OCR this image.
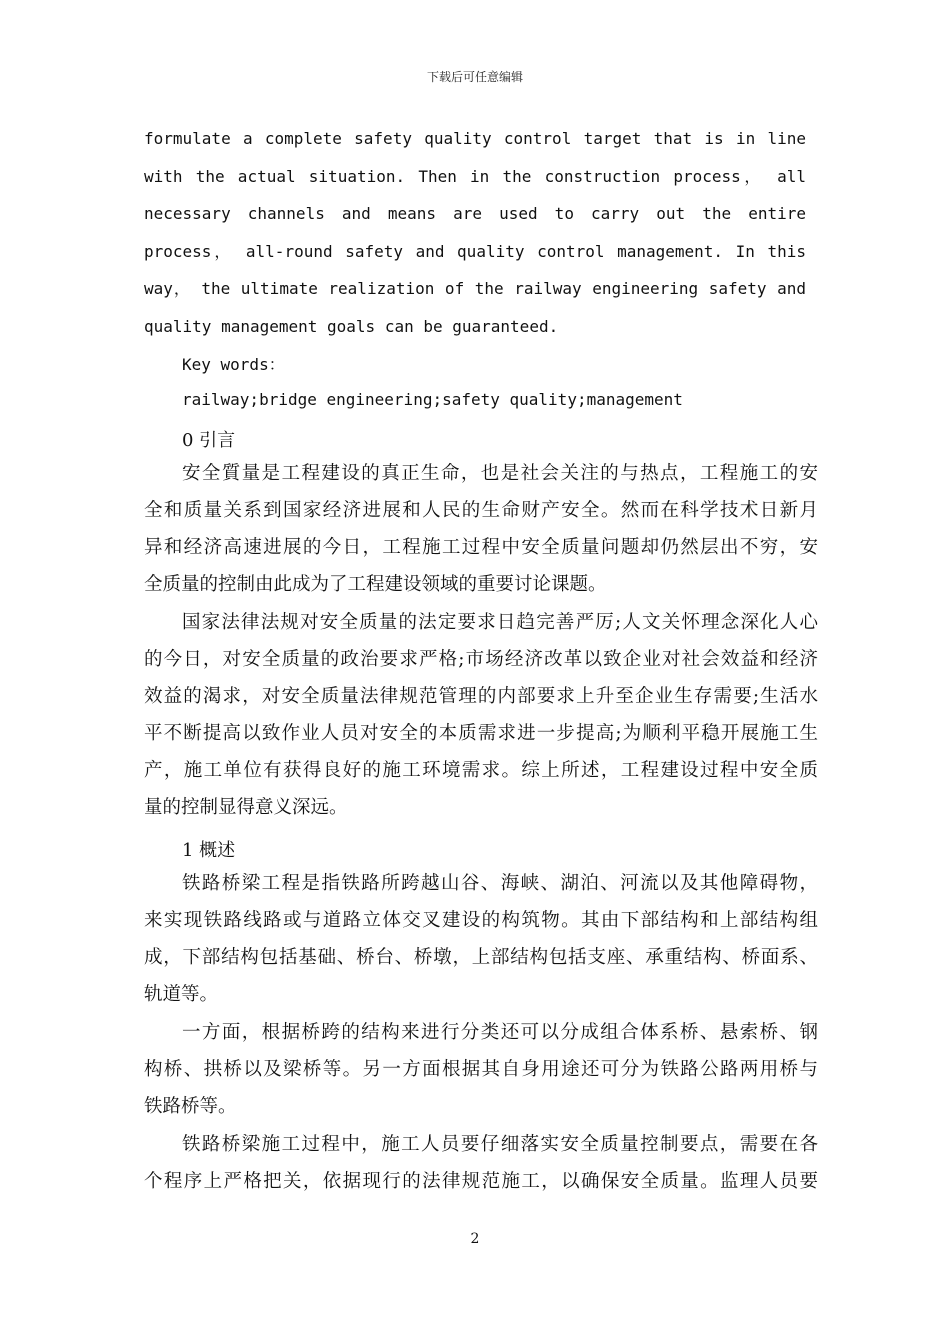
下载后可任意编辑
formulate a complete safety quality control target that is in line
with the actual situation. Then in the construction process， all
necessary channels and means are used to carry out the entire
process， all-round safety and quality control management. In this
way， the ultimate realization of the railway engineering safety and
quality management goals can be guaranteed.
Key words：
railway;bridge engineering;safety quality;management
0 引言
安全質量是工程建设的真正生命，也是社会关注的与热点，工程施工的安
全和质量关系到国家经济进展和人民的生命财产安全。然而在科学技术日新月
异和经济高速进展的今日，工程施工过程中安全质量问题却仍然层出不穷，安
全质量的控制由此成为了工程建设领域的重要讨论课题。
国家法律法规对安全质量的法定要求日趋完善严厉;人文关怀理念深化人心
的今日，对安全质量的政治要求严格;市场经济改革以致企业对社会效益和经济
效益的渴求，对安全质量法律规范管理的内部要求上升至企业生存需要;生活水
平不断提高以致作业人员对安全的本质需求进一步提高;为顺利平稳开展施工生
产，施工单位有获得良好的施工环境需求。综上所述，工程建设过程中安全质
量的控制显得意义深远。
1 概述
铁路桥梁工程是指铁路所跨越山谷、海峡、湖泊、河流以及其他障碍物，
来实现铁路线路或与道路立体交叉建设的构筑物。其由下部结构和上部结构组
成，下部结构包括基础、桥台、桥墩，上部结构包括支座、承重结构、桥面系、
轨道等。
一方面，根据桥跨的结构来进行分类还可以分成组合体系桥、悬索桥、钢
构桥、拱桥以及梁桥等。另一方面根据其自身用途还可分为铁路公路两用桥与
铁路桥等。
铁路桥梁施工过程中，施工人员要仔细落实安全质量控制要点，需要在各
个程序上严格把关，依据现行的法律规范施工，以确保安全质量。监理人员要
2
